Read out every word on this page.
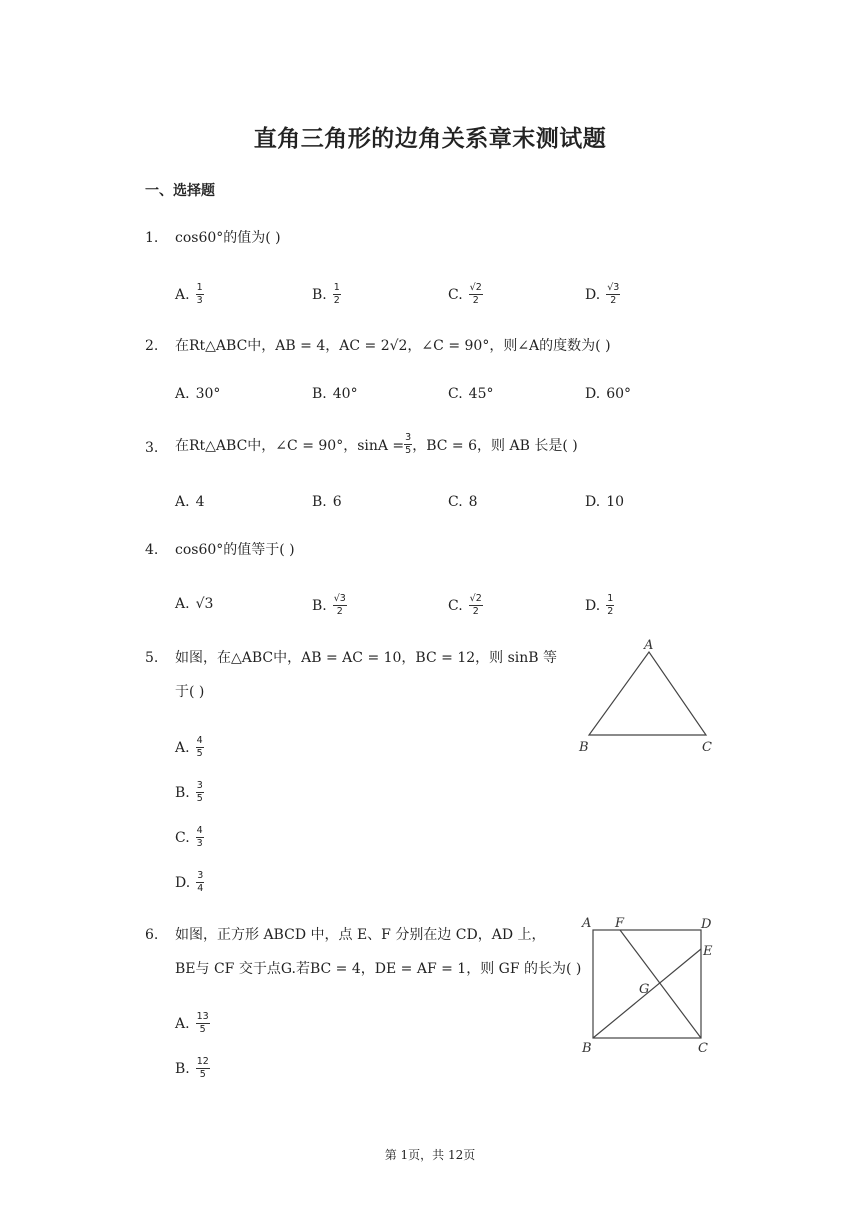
直角三角形的边角关系章末测试题
一、选择题
1. cos60°的值为( )
A. $\frac{1}{3}$	B. $\frac{1}{2}$	C. $\frac{√2}{2}$	D. $\frac{√3}{2}$
2. 在Rt△ABC中，AB = 4，AC = 2√2，∠C = 90°，则∠A的度数为( )
A. 30°	B. 40°	C. 45°	D. 60°
3. 在Rt△ABC中，∠C = 90°，$\sin A = \frac{3}{5}$ ，BC = 6，则 AB 长是( )
A. 4	B. 6	C. 8	D. 10
4. cos60°的值等于( )
A. √3	B. $\frac{√3}{2}$	C. $\frac{√2}{2}$	D. $\frac{1}{2}$
5. 如图，在△ABC中，AB = AC = 10，BC = 12，则 sinB 等
于( )
A. $\frac{4}{5}$
B. $\frac{3}{5}$
C. $\frac{4}{3}$
D. $\frac{3}{4}$
A
B	C
6. 如图，正方形 ABCD 中，点 E、F 分别在边 CD，AD 上，
BE与 CF 交于点G.若BC = 4，DE = AF = 1，则 GF 的长为( )
A. $\frac{13}{5}$
B. $\frac{12}{5}$
A F	D
E
G
B	C
第 1页，共 12页
